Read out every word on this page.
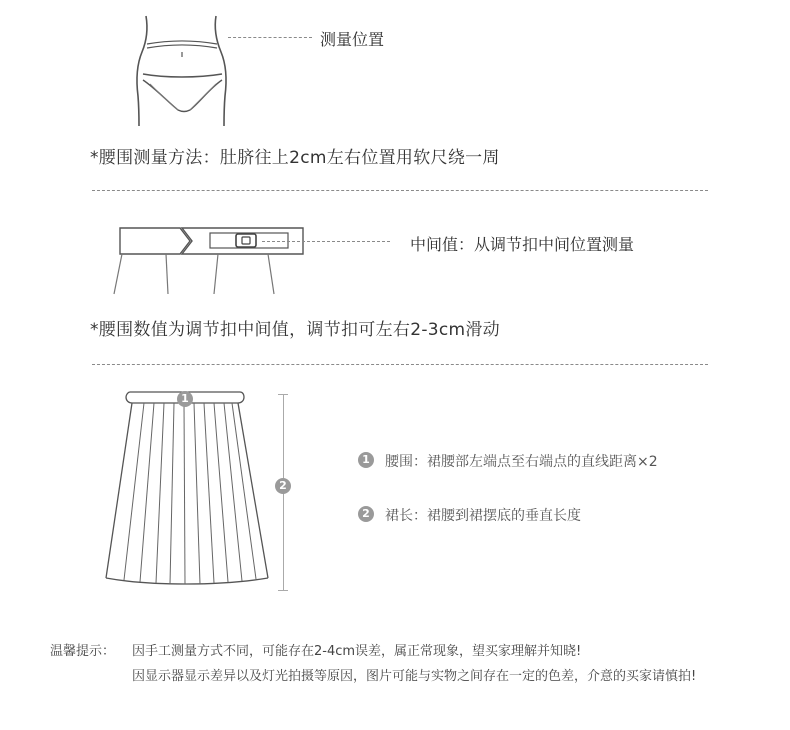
测量位置
*腰围测量方法：肚脐往上2cm左右位置用软尺绕一周
中间值：从调节扣中间位置测量
*腰围数值为调节扣中间值，调节扣可左右2-3cm滑动
1
2
1 腰围：裙腰部左端点至右端点的直线距离×2
2 裙长：裙腰到裙摆底的垂直长度
温馨提示： 因手工测量方式不同，可能存在2-4cm误差，属正常现象，望买家理解并知晓!
因显示器显示差异以及灯光拍摄等原因，图片可能与实物之间存在一定的色差，介意的买家请慎拍!
